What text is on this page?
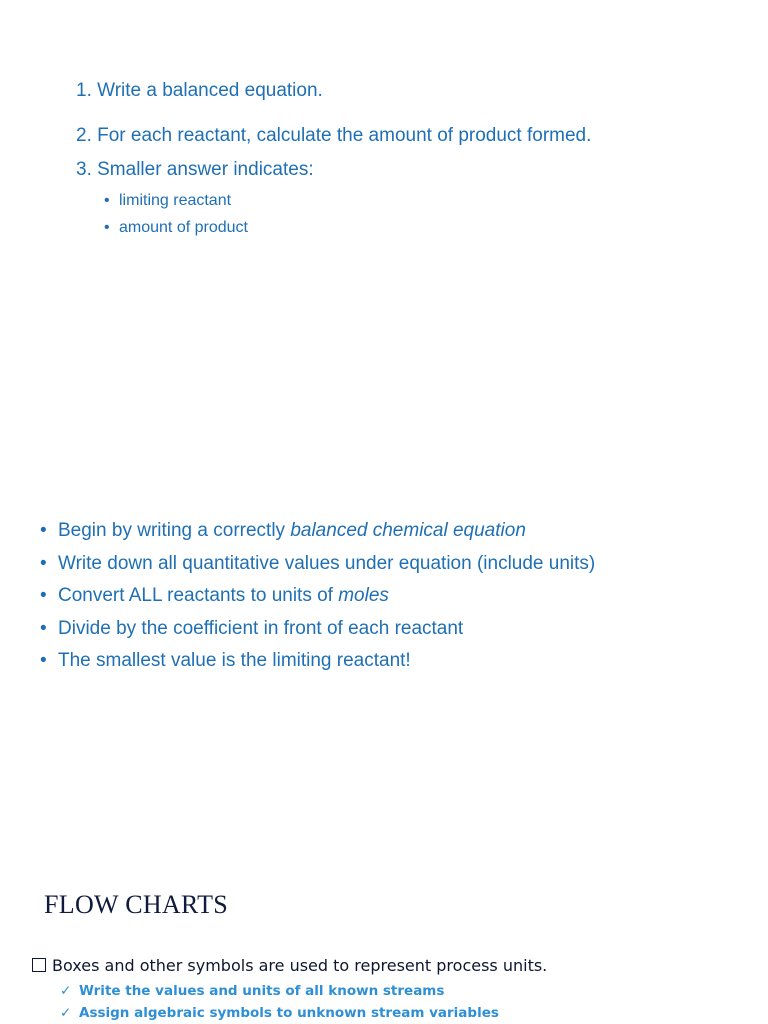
1. Write a balanced equation.
2. For each reactant, calculate the amount of product formed.
3. Smaller answer indicates:
• limiting reactant
• amount of product
• Begin by writing a correctly balanced chemical equation
• Write down all quantitative values under equation (include units)
• Convert ALL reactants to units of moles
• Divide by the coefficient in front of each reactant
• The smallest value is the limiting reactant!
FLOW CHARTS
Boxes and other symbols are used to represent process units.
✓ Write the values and units of all known streams
✓ Assign algebraic symbols to unknown stream variables
